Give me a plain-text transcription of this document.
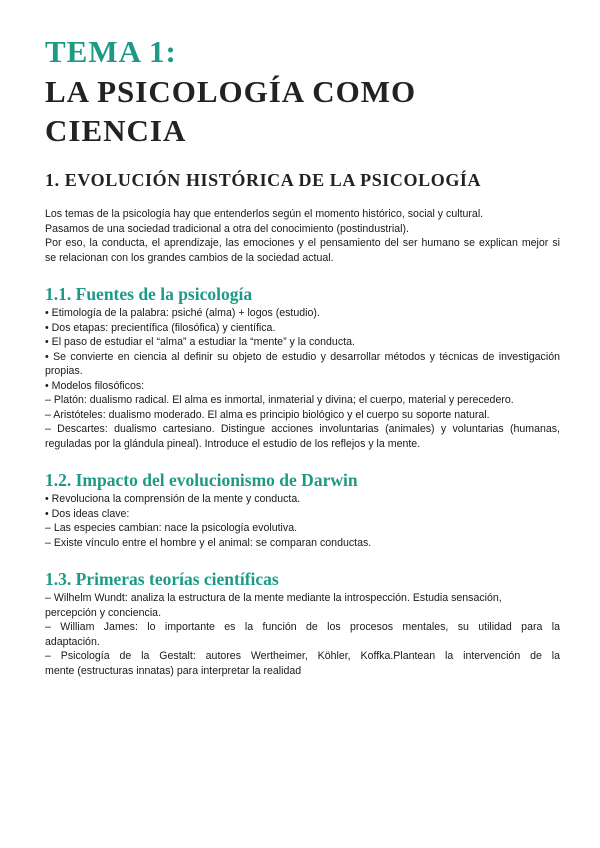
TEMA 1:
LA PSICOLOGÍA COMO
CIENCIA
1. EVOLUCIÓN HISTÓRICA DE LA PSICOLOGÍA

Los temas de la psicología hay que entenderlos según el momento histórico, social y cultural.

Pasamos de una sociedad tradicional a otra del conocimiento (postindustrial).

Por eso, la conducta, el aprendizaje, las emociones y el pensamiento del ser humano se explican mejor si

se relacionan con los grandes cambios de la sociedad actual.

1.1. Fuentes de la psicología

• Etimología de la palabra: psiché (alma) + logos (estudio).

• Dos etapas: precientífica (filosófica) y científica.

• El paso de estudiar el “alma” a estudiar la “mente” y la conducta.

• Se convierte en ciencia al definir su objeto de estudio y desarrollar métodos y técnicas de investigación

propias.

• Modelos filosóficos:

– Platón: dualismo radical. El alma es inmortal, inmaterial y divina; el cuerpo, material y perecedero.

– Aristóteles: dualismo moderado. El alma es principio biológico y el cuerpo su soporte natural.

– Descartes: dualismo cartesiano. Distingue acciones involuntarias (animales) y voluntarias (humanas,

reguladas por la glándula pineal). Introduce el estudio de los reflejos y la mente.

1.2. Impacto del evolucionismo de Darwin

• Revoluciona la comprensión de la mente y conducta.

• Dos ideas clave:

– Las especies cambian: nace la psicología evolutiva.

– Existe vínculo entre el hombre y el animal: se comparan conductas.

1.3. Primeras teorías científicas

– Wilhelm Wundt: analiza la estructura de la mente mediante la introspección. Estudia sensación,

percepción y conciencia.

– William James: lo importante es la función de los procesos mentales, su utilidad para la

adaptación.

– Psicología de la Gestalt: autores Wertheimer, Köhler, Koffka.Plantean la intervención de la

mente (estructuras innatas) para interpretar la realidad
